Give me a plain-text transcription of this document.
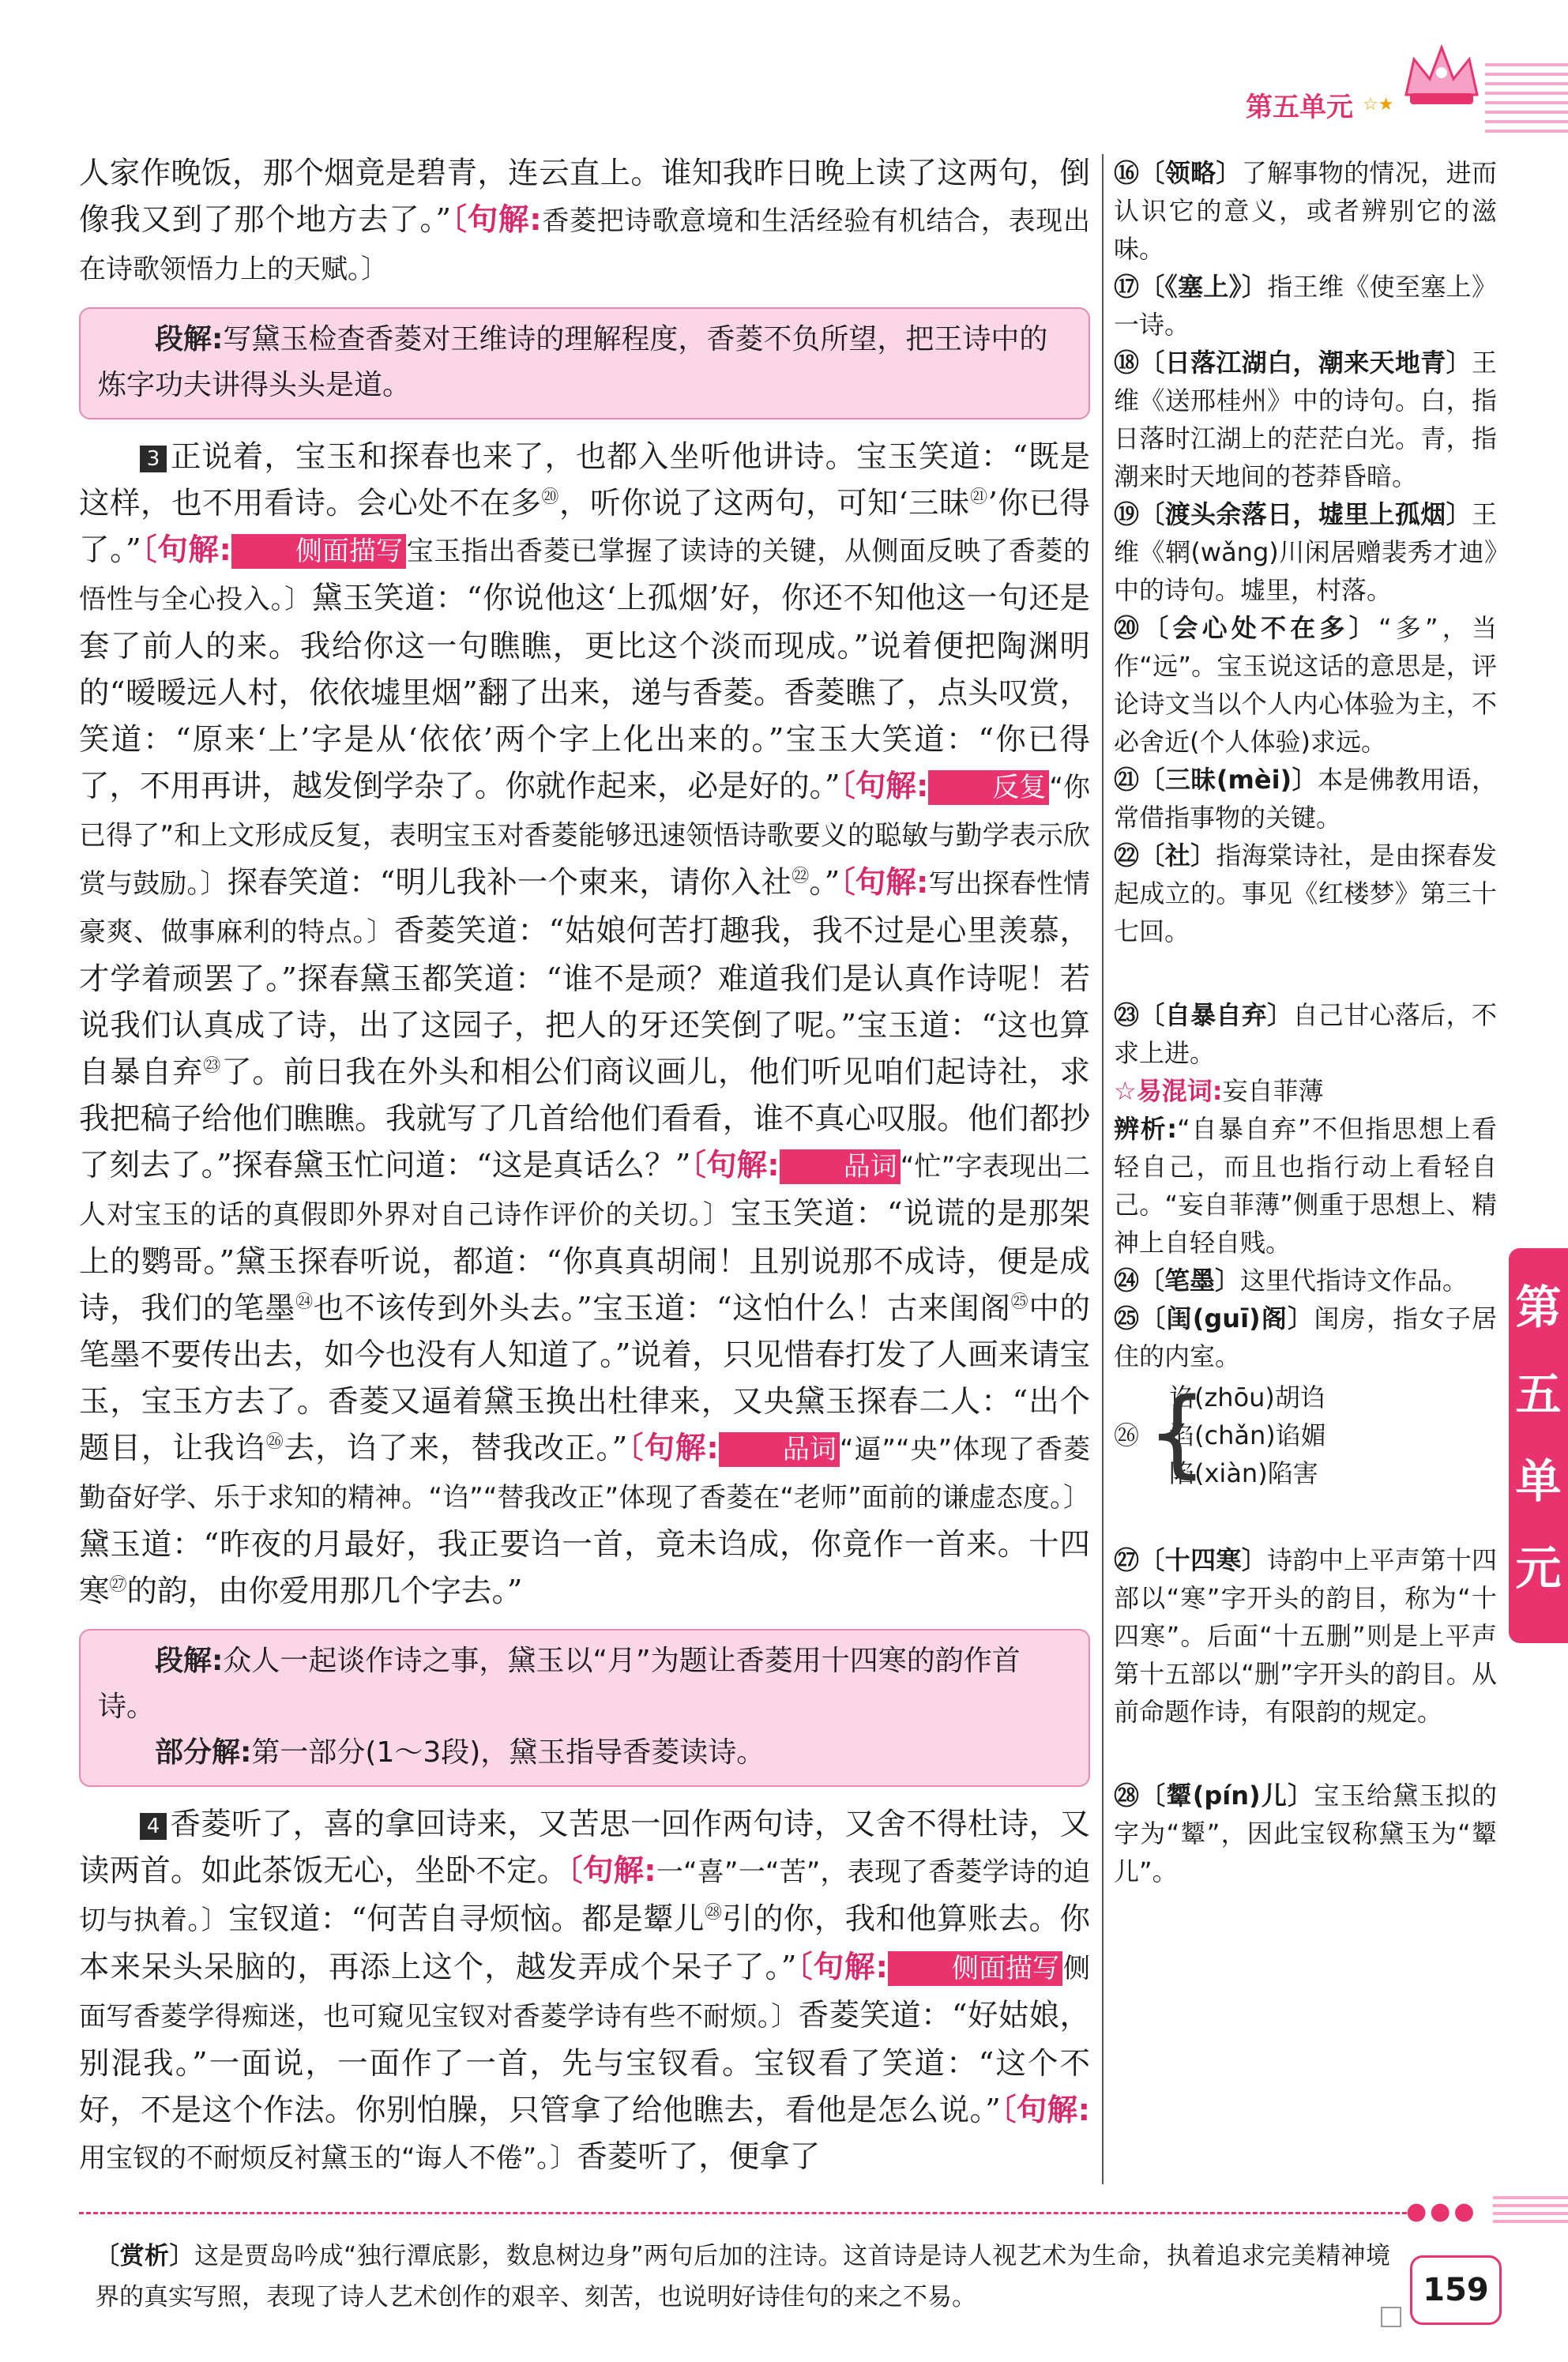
第五单元 ☆★

人家作晚饭，那个烟竟是碧青，连云直上。谁知我昨日晚上读了这两句，倒像我又到了那个地方去了。”〔句解:香菱把诗歌意境和生活经验有机结合，表现出在诗歌领悟力上的天赋。〕

段解:写黛玉检查香菱对王维诗的理解程度，香菱不负所望，把王诗中的炼字功夫讲得头头是道。

3 正说着，宝玉和探春也来了，也都入坐听他讲诗。宝玉笑道：“既是这样，也不用看诗。会心处不在多⑳，听你说了这两句，可知‘三昧$^㉑$’你已得了。”〔句解: 侧面描写 宝玉指出香菱已掌握了读诗的关键，从侧面反映了香菱的悟性与全心投入。〕黛玉笑道：“你说他这‘上孤烟’好，你还不知他这一句还是套了前人的来。我给你这一句瞧瞧，更比这个淡而现成。”说着便把陶渊明的“暧暧远人村，依依墟里烟”翻了出来，递与香菱。香菱瞧了，点头叹赏，笑道：“原来‘上’字是从‘依依’两个字上化出来的。”宝玉大笑道：“你已得了，不用再讲，越发倒学杂了。你就作起来，必是好的。”〔句解: 反复 “你已得了”和上文形成反复，表明宝玉对香菱能够迅速领悟诗歌要义的聪敏与勤学表示欣赏与鼓励。〕探春笑道：“明儿我补一个柬来，请你入社$^㉒$。”〔句解:写出探春性情豪爽、做事麻利的特点。〕香菱笑道：“姑娘何苦打趣我，我不过是心里羡慕，才学着顽罢了。”探春黛玉都笑道：“谁不是顽？难道我们是认真作诗呢！若说我们认真成了诗，出了这园子，把人的牙还笑倒了呢。”宝玉道：“这也算自暴自弃$^㉓$了。前日我在外头和相公们商议画儿，他们听见咱们起诗社，求我把稿子给他们瞧瞧。我就写了几首给他们看看，谁不真心叹服。他们都抄了刻去了。”探春黛玉忙问道：“这是真话么？”〔句解: 品词 “忙”字表现出二人对宝玉的话的真假即外界对自己诗作评价的关切。〕宝玉笑道：“说谎的是那架上的鹦哥。”黛玉探春听说，都道：“你真真胡闹！且别说那不成诗，便是成诗，我们的笔墨$^㉔$也不该传到外头去。”宝玉道：“这怕什么！古来闺阁$^㉕$中的笔墨不要传出去，如今也没有人知道了。”说着，只见惜春打发了人画来请宝玉，宝玉方去了。香菱又逼着黛玉换出杜律来，又央黛玉探春二人：“出个题目，让我诌$^㉖$去，诌了来，替我改正。”〔句解: 品词 “逼”“央”体现了香菱勤奋好学、乐于求知的精神。“诌”“替我改正”体现了香菱在“老师”面前的谦虚态度。〕黛玉道：“昨夜的月最好，我正要诌一首，竟未诌成，你竟作一首来。十四寒$^㉗$的韵，由你爱用那几个字去。”

段解:众人一起谈作诗之事，黛玉以“月”为题让香菱用十四寒的韵作首诗。
部分解:第一部分(1～3段)，黛玉指导香菱读诗。

4 香菱听了，喜的拿回诗来，又苦思一回作两句诗，又舍不得杜诗，又读两首。如此茶饭无心，坐卧不定。〔句解:一“喜”一“苦”，表现了香菱学诗的迫切与执着。〕宝钗道：“何苦自寻烦恼。都是颦儿$^㉘$引的你，我和他算账去。你本来呆头呆脑的，再添上这个，越发弄成个呆子了。”〔句解: 侧面描写 侧面写香菱学得痴迷，也可窥见宝钗对香菱学诗有些不耐烦。〕香菱笑道：“好姑娘，别混我。”一面说，一面作了一首，先与宝钗看。宝钗看了笑道：“这个不好，不是这个作法。你别怕臊，只管拿了给他瞧去，看他是怎么说。”〔句解:用宝钗的不耐烦反衬黛玉的“诲人不倦”。〕香菱听了，便拿了

⑯〔领略〕了解事物的情况，进而认识它的意义，或者辨别它的滋味。

⑰〔《塞上》〕指王维《使至塞上》一诗。

⑱〔日落江湖白，潮来天地青〕王维《送邢桂州》中的诗句。白，指日落时江湖上的茫茫白光。青，指潮来时天地间的苍莽昏暗。

⑲〔渡头余落日，墟里上孤烟〕王维《辋(wǎng)川闲居赠裴秀才迪》中的诗句。墟里，村落。

⑳〔会心处不在多〕“多”，当作“远”。宝玉说这话的意思是，评论诗文当以个人内心体验为主，不必舍近(个人体验)求远。

㉑〔三昧(mèi)〕本是佛教用语，常借指事物的关键。

㉒〔社〕指海棠诗社，是由探春发起成立的。事见《红楼梦》第三十七回。

㉓〔自暴自弃〕自己甘心落后，不求上进。

☆易混词:妄自菲薄

辨析:“自暴自弃”不但指思想上看轻自己，而且也指行动上看轻自己。“妄自菲薄”侧重于思想上、精神上自轻自贱。

㉔〔笔墨〕这里代指诗文作品。

㉕〔闺(guī)阁〕闺房，指女子居住的内室。

㉖ {
诌(zhōu)胡诌
谄(chǎn)谄媚
陷(xiàn)陷害

㉗〔十四寒〕诗韵中上平声第十四部以“寒”字开头的韵目，称为“十四寒”。后面“十五删”则是上平声第十五部以“删”字开头的韵目。从前命题作诗，有限韵的规定。

㉘〔颦(pín)儿〕宝玉给黛玉拟的字为“颦”，因此宝钗称黛玉为“颦儿”。

第
五
单
元
●●●
〔赏析〕这是贾岛吟成“独行潭底影，数息树边身”两句后加的注诗。这首诗是诗人视艺术为生命，执着追求完美精神境界的真实写照，表现了诗人艺术创作的艰辛、刻苦，也说明好诗佳句的来之不易。	159
